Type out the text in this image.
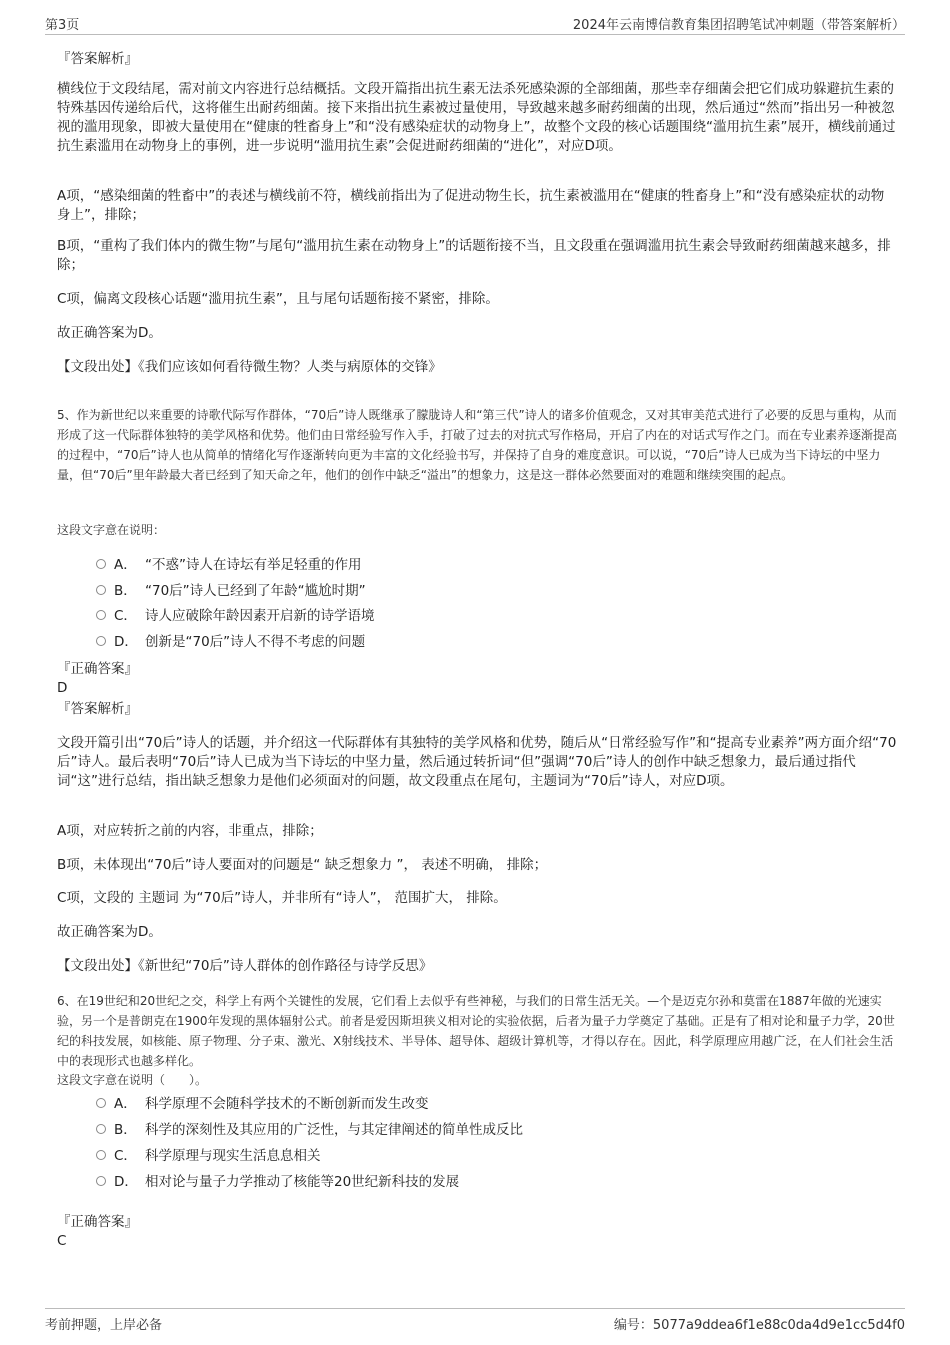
第3页	2024年云南博信教育集团招聘笔试冲刺题（带答案解析）
『答案解析』
横线位于文段结尾，需对前文内容进行总结概括。文段开篇指出抗生素无法杀死感染源的全部细菌，那些幸存细菌会把它们成功躲避抗生素的特殊基因传递给后代，这将催生出耐药细菌。接下来指出抗生素被过量使用，导致越来越多耐药细菌的出现，然后通过“然而”指出另一种被忽视的滥用现象，即被大量使用在“健康的牲畜身上”和“没有感染症状的动物身上”，故整个文段的核心话题围绕“滥用抗生素”展开，横线前通过抗生素滥用在动物身上的事例，进一步说明“滥用抗生素”会促进耐药细菌的“进化”，对应D项。
A项，“感染细菌的牲畜中”的表述与横线前不符，横线前指出为了促进动物生长，抗生素被滥用在“健康的牲畜身上”和“没有感染症状的动物身上”，排除；
B项，“重构了我们体内的微生物”与尾句“滥用抗生素在动物身上”的话题衔接不当，且文段重在强调滥用抗生素会导致耐药细菌越来越多，排除；
C项，偏离文段核心话题“滥用抗生素”，且与尾句话题衔接不紧密，排除。
故正确答案为D。
【文段出处】《我们应该如何看待微生物？人类与病原体的交锋》
5、作为新世纪以来重要的诗歌代际写作群体，“70后”诗人既继承了朦胧诗人和“第三代”诗人的诸多价值观念，又对其审美范式进行了必要的反思与重构，从而形成了这一代际群体独特的美学风格和优势。他们由日常经验写作入手，打破了过去的对抗式写作格局，开启了内在的对话式写作之门。而在专业素养逐渐提高的过程中，“70后”诗人也从简单的情绪化写作逐渐转向更为丰富的文化经验书写，并保持了自身的难度意识。可以说，“70后”诗人已成为当下诗坛的中坚力量，但“70后”里年龄最大者已经到了知天命之年，他们的创作中缺乏“溢出”的想象力，这是这一群体必然要面对的难题和继续突围的起点。
这段文字意在说明：
A． “不惑”诗人在诗坛有举足轻重的作用
B． “70后”诗人已经到了年龄“尴尬时期”
C． 诗人应破除年龄因素开启新的诗学语境
D． 创新是“70后”诗人不得不考虑的问题
『正确答案』
D
『答案解析』
文段开篇引出“70后”诗人的话题，并介绍这一代际群体有其独特的美学风格和优势，随后从“日常经验写作”和“提高专业素养”两方面介绍“70后”诗人。最后表明“70后”诗人已成为当下诗坛的中坚力量，然后通过转折词“但”强调“70后”诗人的创作中缺乏想象力，最后通过指代词“这”进行总结，指出缺乏想象力是他们必须面对的问题，故文段重点在尾句，主题词为“70后”诗人，对应D项。
A项，对应转折之前的内容，非重点，排除；
B项，未体现出“70后”诗人要面对的问题是“ 缺乏想象力 ”， 表述不明确， 排除；
C项，文段的 主题词 为“70后”诗人，并非所有“诗人”， 范围扩大， 排除。
故正确答案为D。
【文段出处】《新世纪“70后”诗人群体的创作路径与诗学反思》
6、在19世纪和20世纪之交，科学上有两个关键性的发展，它们看上去似乎有些神秘，与我们的日常生活无关。—个是迈克尔孙和莫雷在1887年做的光速实验，另一个是普朗克在1900年发现的黑体辐射公式。前者是爱因斯坦狭义相对论的实验依据，后者为量子力学奠定了基础。正是有了相对论和量子力学，20世纪的科技发展，如核能、原子物理、分子束、激光、X射线技术、半导体、超导体、超级计算机等，才得以存在。因此，科学原理应用越广泛，在人们社会生活中的表现形式也越多样化。
这段文字意在说明（　　）。
A． 科学原理不会随科学技术的不断创新而发生改变
B． 科学的深刻性及其应用的广泛性，与其定律阐述的简单性成反比
C． 科学原理与现实生活息息相关
D． 相对论与量子力学推动了核能等20世纪新科技的发展
『正确答案』
C
考前押题，上岸必备	编号：5077a9ddea6f1e88c0da4d9e1cc5d4f0
